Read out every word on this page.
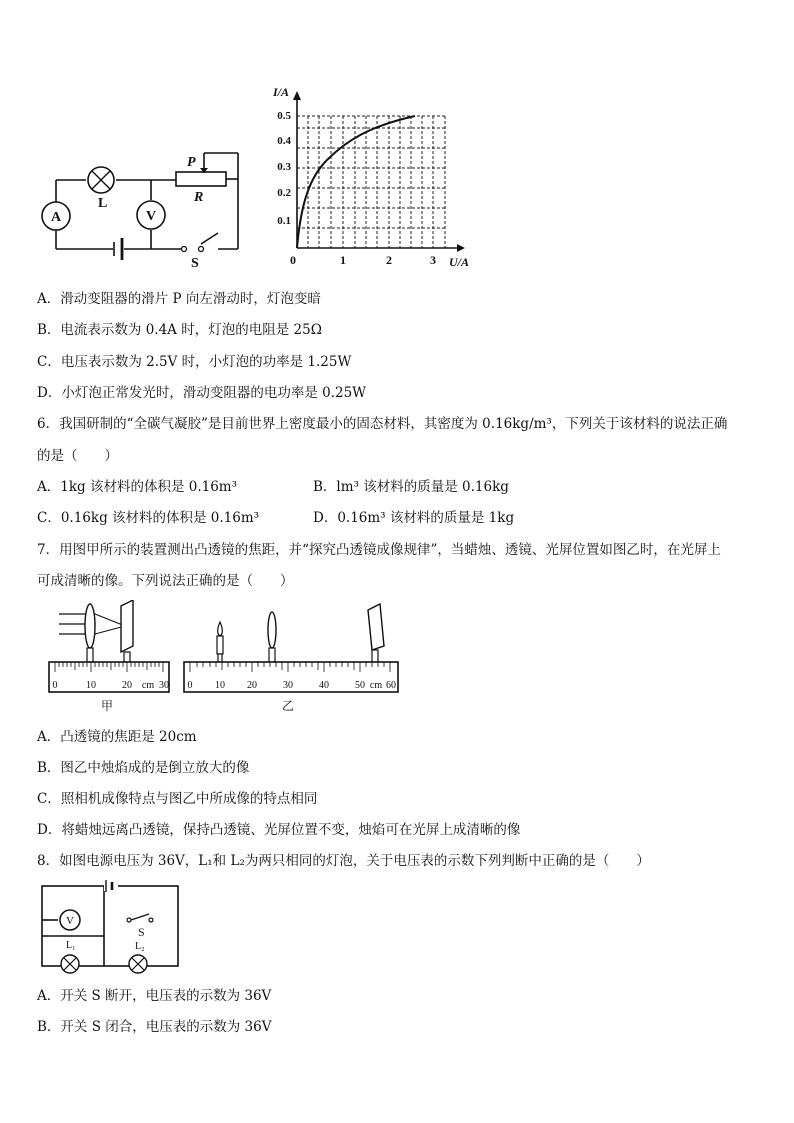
A	V
L
P
R
S
I/A
U/A
0	1	2	3
0.1
0.2
0.3
0.4
0.5
A．滑动变阻器的滑片 P 向左滑动时，灯泡变暗
B．电流表示数为 0.4A 时，灯泡的电阻是 25Ω
C．电压表示数为 2.5V 时，小灯泡的功率是 1.25W
D．小灯泡正常发光时，滑动变阻器的电功率是 0.25W
6．我国研制的“全碳气凝胶”是目前世界上密度最小的固态材料，其密度为 0.16kg/m³，下列关于该材料的说法正确
的是（　　）
A．1kg 该材料的体积是 0.16m³	B．lm³ 该材料的质量是 0.16kg
C．0.16kg 该材料的体积是 0.16m³	D．0.16m³ 该材料的质量是 1kg
7．用图甲所示的装置测出凸透镜的焦距，并“探究凸透镜成像规律”，当蜡烛、透镜、光屏位置如图乙时，在光屏上
可成清晰的像。下列说法正确的是（　　）
0	10	20 cm 30
甲
0 10 20	30	40	50 cm 60
乙
A．凸透镜的焦距是 20cm
B．图乙中烛焰成的是倒立放大的像
C．照相机成像特点与图乙中所成像的特点相同
D．将蜡烛远离凸透镜，保持凸透镜、光屏位置不变，烛焰可在光屏上成清晰的像
8．如图电源电压为 36V，L₁和 L₂为两只相同的灯泡，关于电压表的示数下列判断中正确的是（　　）
V
L₁	L₂
S
A．开关 S 断开，电压表的示数为 36V
B．开关 S 闭合，电压表的示数为 36V
